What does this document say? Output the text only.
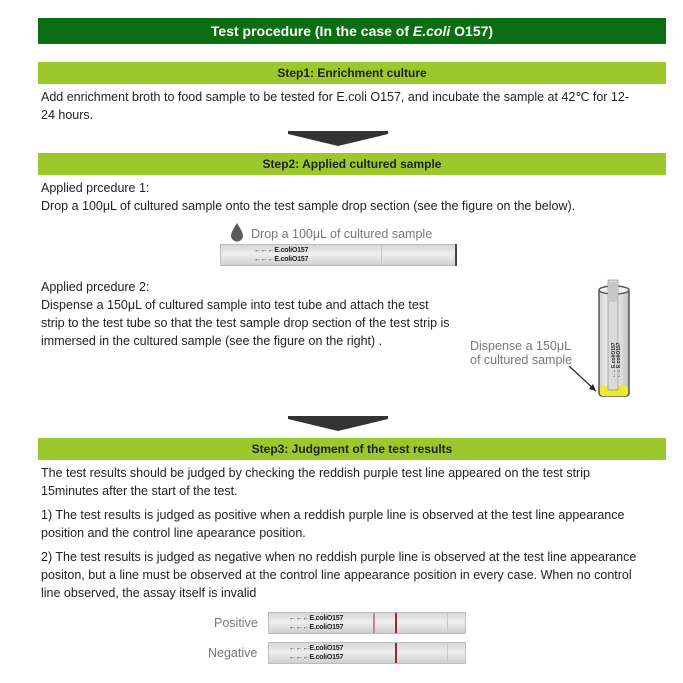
Test procedure (In the case of E.coli O157)
Step1: Enrichment culture
Add enrichment broth to food sample to be tested for E.coli O157, and incubate the sample at 42℃ for 12-24 hours.
Step2: Applied cultured sample
Applied prcedure 1:
Drop a 100μL of cultured sample onto the test sample drop section (see the figure on the below).
Drop a 100μL of cultured sample
←←←E.coliO157
←←←E.coliO157
Applied prcedure 2:
Dispense a 150μL of cultured sample into test tube and attach the test strip to the test tube so that the test sample drop section of the test strip is immersed in the cultured sample (see the figure on the right) .	Dispense a 150μL
of cultured sample	←←E.coliO157 ←←E.coliO157
Step3: Judgment of the test results
The test results should be judged by checking the reddish purple test line appeared on the test strip 15minutes after the start of the test.
1) The test results is judged as positive when a reddish purple line is observed at the test line appearance position and the control line apearance position.
2) The test results is judged as negative when no reddish purple line is observed at the test line appearance positon, but a line must be observed at the control line appearance position in every case. When no control line observed, the assay itself is invalid
Positive	←←←E.coliO157
←←←E.coliO157
Negative	←←←E.coliO157
←←←E.coliO157
